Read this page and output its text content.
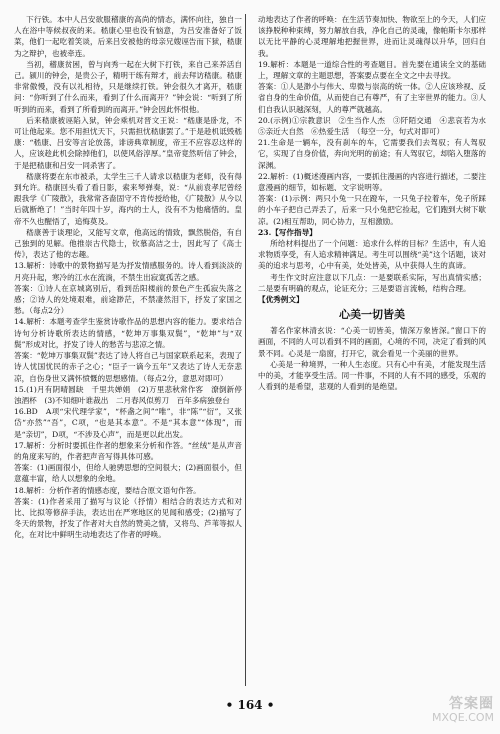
下行铁。本中人吕安欲服稽康的高尚的情态，满怀向往，独自一人在浴中等候叔夜的来。嵇康心里也没有恼意，为吕安准备好了饭菜，他们一起吃着笑谈，后来吕安被他的母亲兄嫂诬告而下狱，嵇康为之辩护，也被牵连。

当初，稽康贫困，曾与向秀一起在大树下打铁，来自己来养活自己。颍川的钟会，是贵公子，精明干练有辩才，前去拜访嵇康。嵇康非常傲慢，没有以礼相待，只是继续打铁。钟会很久才离开，嵇康问：“你听到了什么而来，看到了什么而离开？”钟会说：“听到了所听到的而来，看到了所看到的而离开。”钟会因此怀恨他。

后来嵇康被诬陷入狱，钟会乘机对晋文王说：“嵇康是卧龙，不可让他起来。您不用担忧天下，只需担忧嵇康罢了。”于是趁机诋毁嵇康：“嵇康、吕安等言论放荡，诽谤典章制度，帝王不应容忍这样的人，应该趁此机会除掉他们，以使风俗淳厚。”皇帝竟然听信了钟会，于是把嵇康和吕安一同杀害了。

嵇康将要在东市被杀，太学生三千人请求以嵇康为老师，没有得到允许。嵇康回头看了看日影，索来琴弹奏，说：“从前袁孝尼曾经跟我学《广陵散》，我常常吝啬固守不肯传授给他，《广陵散》从今以后就断绝了！”当时年四十岁，海内的士人，没有不为他痛惜的。皇帝不久也醒悟了，追悔莫及。

嵇康善于谈理论，又能写文章，他高远的情致，飘然脱俗，有自己独到的见解。他推崇古代隐士，钦慕高洁之士，因此写了《高士传》，表达了他的志趣。

13.解析：诗歌中的景物描写是为抒发情感服务的。诗人看到淡淡的月亮升起，寒冷的江水在流淌，不禁生出寂寞孤苦之感。

答案：①诗人在京城离别后，看到岳阳楼前的景色产生孤寂失落之感；②诗人的处境艰难，前途渺茫，不禁凄然泪下，抒发了家国之愁。（每点2分）

14.解析：本题考查学生鉴赏诗歌作品的思想内容的能力。要求结合诗句分析诗歌所表达的情感，“乾坤万事集双鬓”，“乾坤”与“双鬓”形成对比，抒发了诗人的愁苦与悲凉之情。

答案：“乾坤万事集双鬓”表达了诗人将自己与国家联系起来，表现了诗人忧国忧民的赤子之心；“臣子一谪今五年”又表达了诗人无奈悲凉，自伤身世又满怀愤慨的思想感情。（每点2分，意思对即可）

15.(1)月有阴晴圆缺　千里共婵娟　(2)万里悲秋常作客　潦倒新停浊酒杯　(3)不知细叶谁裁出　二月春风似剪刀　百年多病独登台

16.BD　A项“宋代理学家”，“杯盏之间”“唯”，非“陈”“衍”，又张岱“亦然”“吾”，C项，“也是其本意”。不是“其本意”“体现”，而是“亲切”，D项，“不涉及心声”，而是更以此出发。

17.解析：分析时要抓住作者的想象来分析和作答。“丝绒”是从声音的角度来写的，作者把声音写得具体可感。

答案：(1)画面很小，但给人驰骋思想的空间很大；(2)画面很小，但意蕴丰富，给人以想象的余地。

18.解析：分析作者的情感态度，要结合原文语句作答。

答案：(1)作者采用了描写与议论（抒情）相结合的表达方式和对比、比拟等修辞手法，表达出在严寒地区的见闻和感受；(2)描写了冬天的景物，抒发了作者对大自然的赞美之情，又将鸟、芦苇等拟人化，在对比中鲜明生动地表达了作者的呼唤。

动地表达了作者的呼唤：在生活节奏加快、物欲至上的今天，人们应该挣脱种种束缚，努力解放自我，净化自己的灵魂，像帕斯卡尔那样以无比平静的心灵理解地把握世界，进而让灵魂得以升华，回归自我。

19.解析：本题是一道综合性的考查题目。首先要在通读全文的基础上，理解文章的主题思想，答案要点要在全文之中去寻找。

答案：①人是渺小与伟大、卑微与崇高的统一体。②人应该珍视、反省自身的生命价值，从而使自己有尊严，有了主宰世界的能力。③人们自我认识越深刻，人的尊严就越高。

20.(示例)①宗教意识　②生当作人杰　③阡陌交通　④悲哀若为水 ⑤亲近大自然　⑥热爱生活　（每空一分，句式对即可）

21.生命是一辆车，没有刹车的车，它需要我们去驾驭；有人驾驭它，实现了自身价值，奔向光明的前途；有人驾驭它，却陷入堕落的深渊。

22.解析：(1)概述漫画内容，一要抓住漫画的内容进行描述，二要注意漫画的细节，如标题、文字说明等。

答案：(1)示例：两只小兔一只在蹬车，一只兔子拉着车，兔子所踩的小车子把自己弄丢了，后来一只小兔把它捡起，它们跑到大树下歇凉。(2)相互帮助，同心协力，互相激励。

23.【写作指导】

所给材料提出了一个问题：追求什么样的目标？生活中，有人追求物质享受，有人追求精神满足。考生可以围绕“美”这个话题，谈对美的追求与思考，心中有美，处处皆美，从中获得人生的真谛。

考生作文时应注意以下几点：一是要联系实际，写出真情实感；二是要有明确的观点，论证充分；三是要语言流畅，结构合理。

【优秀例文】

心美一切皆美

著名作家林清玄说：“心美一切皆美，情深万象皆深。”窗口下的画面，不同的人可以看到不同的画面，心境的不同，决定了看到的风景不同。心灵是一扇窗，打开它，就会看见一个美丽的世界。

心美是一种境界，一种人生态度。只有心中有美，才能发现生活中的美，才能享受生活。同一件事，不同的人有不同的感受，乐观的人看到的是希望，悲观的人看到的是绝望。

• 164 •	答案圈
MXQE.COM
